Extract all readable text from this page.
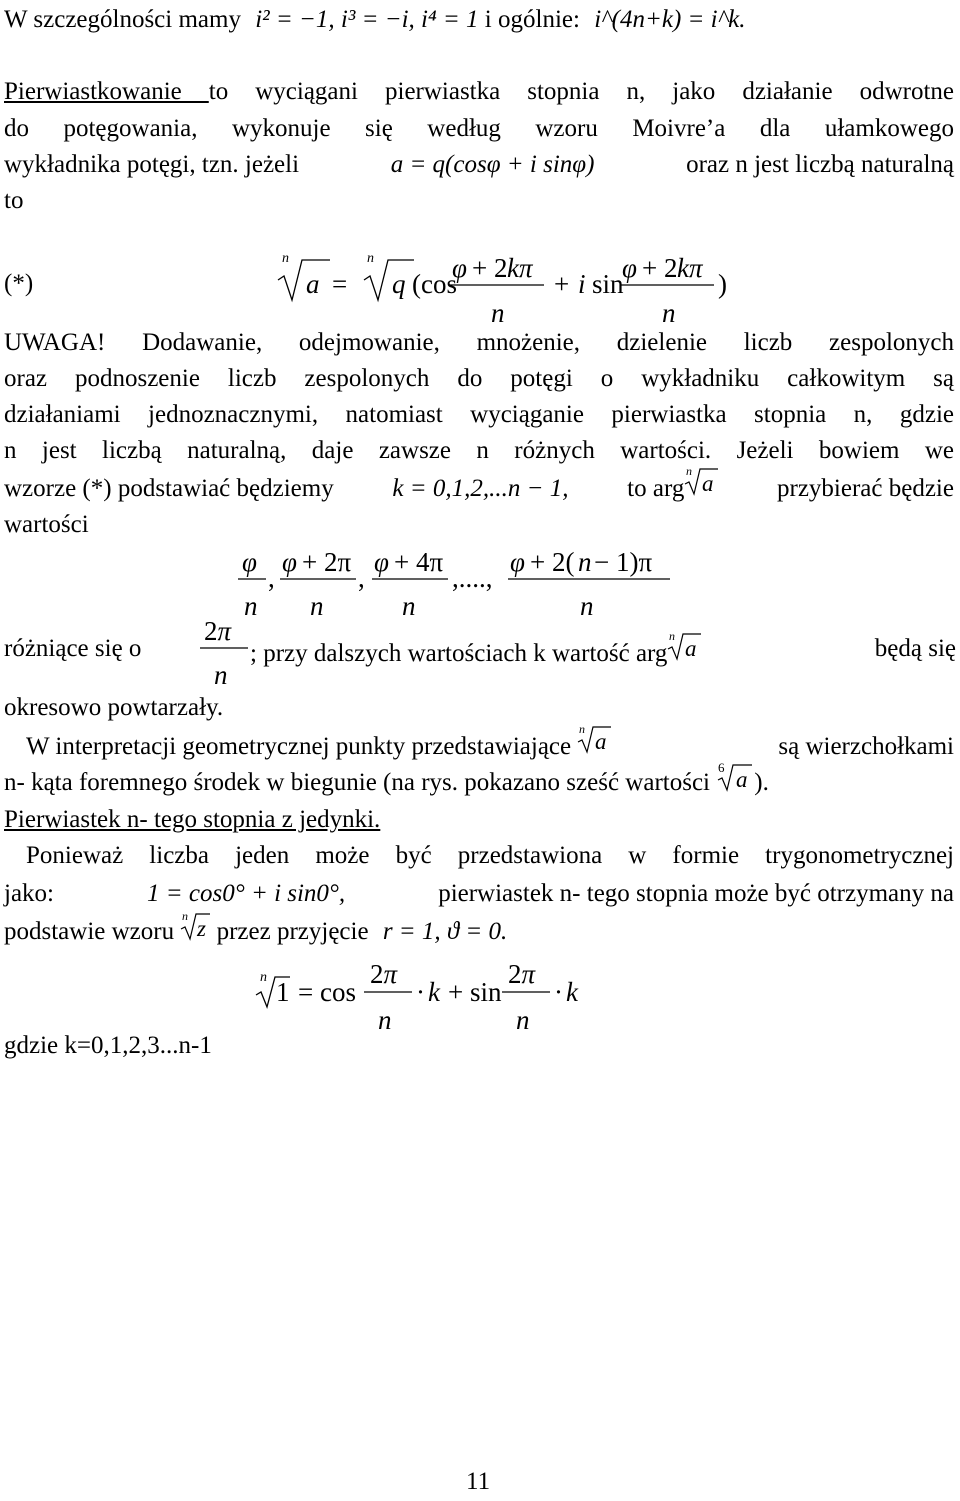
W szczególności mamy i² = −1, i³ = −i, i⁴ = 1 i ogólnie: i^(4n+k) = i^k.
Pierwiastkowanie to wyciągani pierwiastka stopnia n, jako działanie odwrotne
do potęgowania, wykonuje się według wzoru Moivre’a dla ułamkowego
wykładnika potęgi, tzn. jeżeli	a = q(cosφ + i sinφ)	oraz n jest liczbą naturalną
to
(*)
n
a =
n
q (cos
φ + 2 kπ
n
+ i sin
φ + 2 kπ
n
)
UWAGA! Dodawanie, odejmowanie, mnożenie, dzielenie liczb zespolonych
oraz podnoszenie liczb zespolonych do potęgi o wykładniku całkowitym są
działaniami jednoznacznymi, natomiast wyciąganie pierwiastka stopnia n, gdzie
n jest liczbą naturalną, daje zawsze n różnych wartości. Jeżeli bowiem we
wzorze (*) podstawiać będziemy k = 0,1,2,...n − 1, to arg
n a	przybierać będzie
wartości
φ
n
,
φ + 2π
n
,
φ + 4π
n
,....,
φ + 2( n − 1)π
n
różniące się o
2π
n
; przy dalszych wartościach k wartość arg
n a	będą się
okresowo powtarzały.
W interpretacji geometrycznej punkty przedstawiające
n a	są wierzchołkami
n- kąta foremnego środek w biegunie (na rys. pokazano sześć wartości
6 a ).
Pierwiastek n- tego stopnia z jedynki.
Ponieważ liczba jeden może być przedstawiona w formie trygonometrycznej
jako:	1 = cos0° + i sin0°,	pierwiastek n- tego stopnia może być otrzymany na
podstawie wzoru
n z przez przyjęcie r = 1, ϑ = 0.
n 1 = cos
2π
n
· k + sin
2π
n
· k
gdzie k=0,1,2,3...n-1
11
